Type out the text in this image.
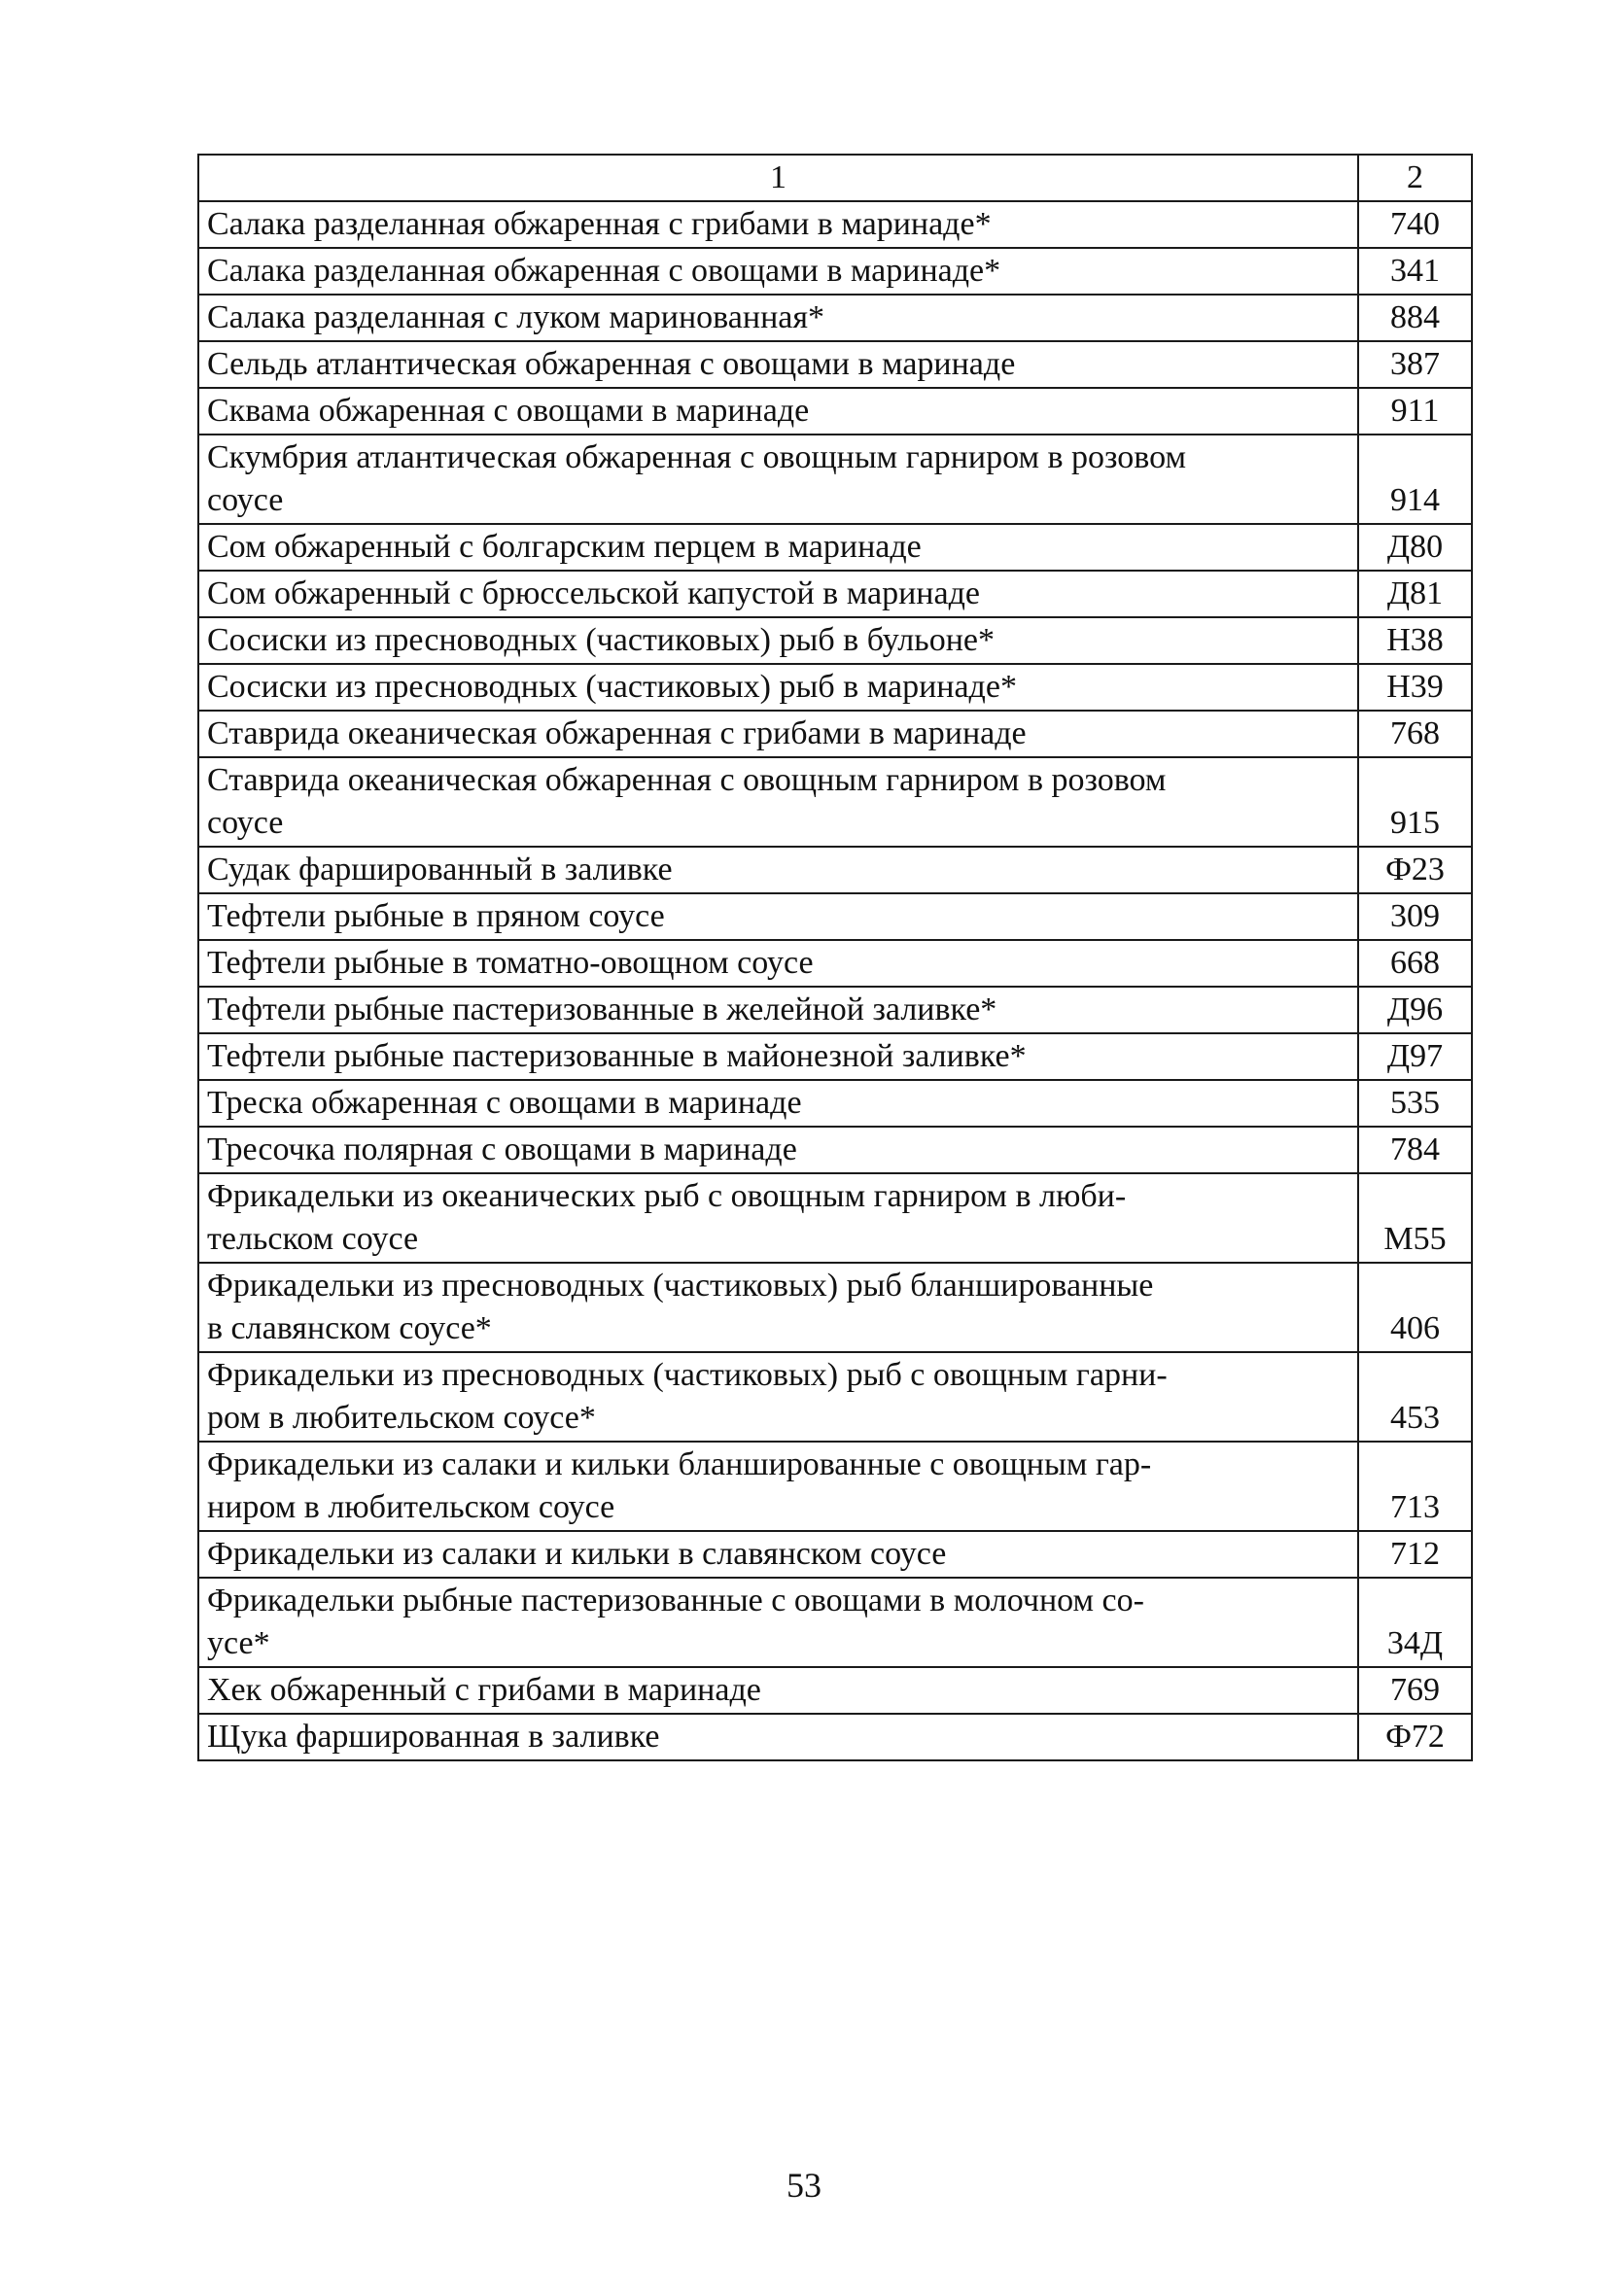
1	2
Салака разделанная обжаренная с грибами в маринаде*	740
Салака разделанная обжаренная с овощами в маринаде*	341
Салака разделанная с луком маринованная*	884
Сельдь атлантическая обжаренная с овощами в маринаде	387
Сквама обжаренная с овощами в маринаде	911
Скумбрия атлантическая обжаренная с овощным гарниром в розовом
соусе	914
Сом обжаренный с болгарским перцем в маринаде	Д80
Сом обжаренный с брюссельской капустой в маринаде	Д81
Сосиски из пресноводных (частиковых) рыб в бульоне*	Н38
Сосиски из пресноводных (частиковых) рыб в маринаде*	Н39
Ставрида океаническая обжаренная с грибами в маринаде	768
Ставрида океаническая обжаренная с овощным гарниром в розовом
соусе	915
Судак фаршированный в заливке	Ф23
Тефтели рыбные в пряном соусе	309
Тефтели рыбные в томатно-овощном соусе	668
Тефтели рыбные пастеризованные в желейной заливке*	Д96
Тефтели рыбные пастеризованные в майонезной заливке*	Д97
Треска обжаренная с овощами в маринаде	535
Тресочка полярная с овощами в маринаде	784
Фрикадельки из океанических рыб с овощным гарниром в люби-
тельском соусе	М55
Фрикадельки из пресноводных (частиковых) рыб бланшированные
в славянском соусе*	406
Фрикадельки из пресноводных (частиковых) рыб с овощным гарни-
ром в любительском соусе*	453
Фрикадельки из салаки и кильки бланшированные с овощным гар-
ниром в любительском соусе	713
Фрикадельки из салаки и кильки в славянском соусе	712
Фрикадельки рыбные пастеризованные с овощами в молочном со-
усе*	34Д
Хек обжаренный с грибами в маринаде	769
Щука фаршированная в заливке	Ф72
53
